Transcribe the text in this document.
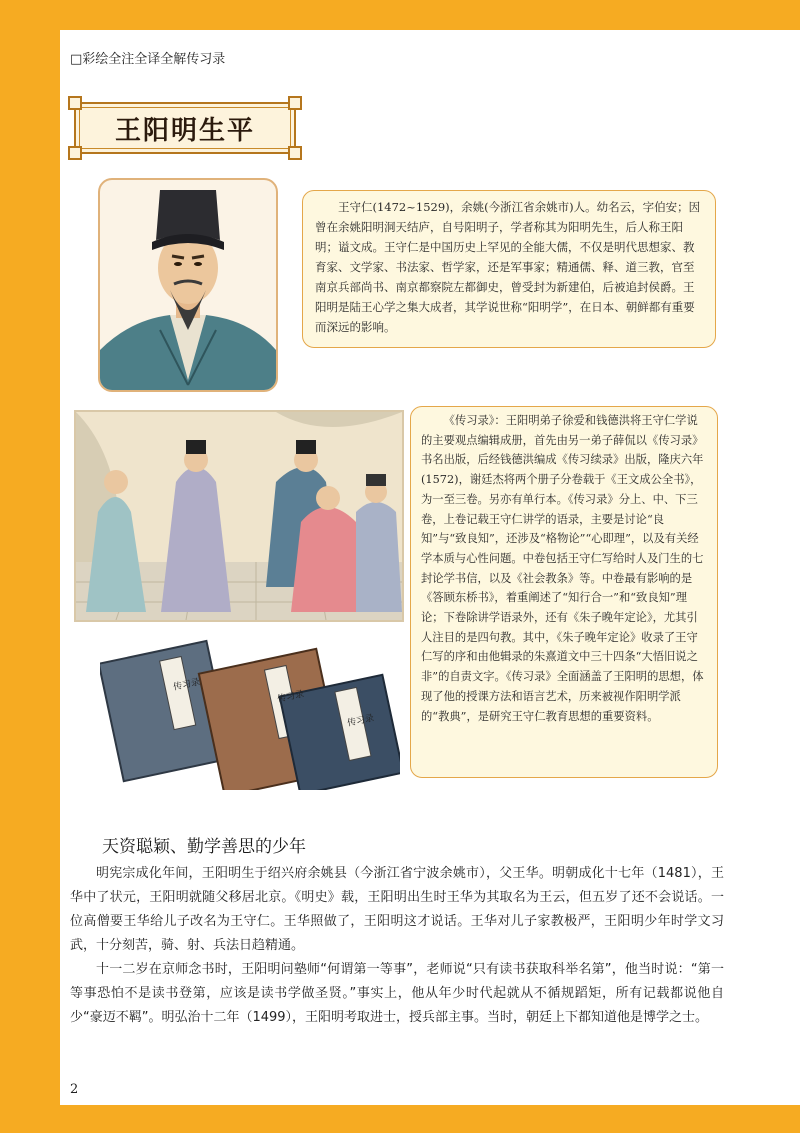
□彩绘全注全译全解传习录
王阳明生平

王守仁(1472~1529)，余姚(今浙江省余姚市)人。幼名云，字伯安；因曾在余姚阳明洞天结庐，自号阳明子，学者称其为阳明先生，后人称王阳明；谥文成。王守仁是中国历史上罕见的全能大儒，不仅是明代思想家、教育家、文学家、书法家、哲学家，还是军事家；精通儒、释、道三教，官至南京兵部尚书、南京都察院左都御史，曾受封为新建伯，后被追封侯爵。王阳明是陆王心学之集大成者，其学说世称“阳明学”，在日本、朝鲜都有重要而深远的影响。

传习录
传习录
传习录

《传习录》：王阳明弟子徐爱和钱德洪将王守仁学说的主要观点编辑成册，首先由另一弟子薛侃以《传习录》书名出版，后经钱德洪编成《传习续录》出版，隆庆六年(1572)，谢廷杰将两个册子分卷载于《王文成公全书》，为一至三卷。另亦有单行本。《传习录》分上、中、下三卷，上卷记载王守仁讲学的语录，主要是讨论“良知”与“致良知”，还涉及“格物论”“心即理”，以及有关经学本质与心性问题。中卷包括王守仁写给时人及门生的七封论学书信，以及《社会教条》等。中卷最有影响的是《答顾东桥书》，着重阐述了“知行合一”和“致良知”理论；下卷除讲学语录外，还有《朱子晚年定论》，尤其引人注目的是四句教。其中，《朱子晚年定论》收录了王守仁写的序和由他辑录的朱熹道文中三十四条“大悟旧说之非”的自责文字。《传习录》全面涵盖了王阳明的思想，体现了他的授课方法和语言艺术，历来被视作阳明学派的“教典”，是研究王守仁教育思想的重要资料。

天资聪颖、勤学善思的少年

明宪宗成化年间，王阳明生于绍兴府余姚县（今浙江省宁波余姚市），父王华。明朝成化十七年（1481），王华中了状元，王阳明就随父移居北京。《明史》载，王阳明出生时王华为其取名为王云，但五岁了还不会说话。一位高僧要王华给儿子改名为王守仁。王华照做了，王阳明这才说话。王华对儿子家教极严，王阳明少年时学文习武，十分刻苦，骑、射、兵法日趋精通。

十一二岁在京师念书时，王阳明问塾师“何谓第一等事”，老师说“只有读书获取科举名第”，他当时说：“第一等事恐怕不是读书登第，应该是读书学做圣贤。”事实上，他从年少时代起就从不循规蹈矩，所有记载都说他自少“豪迈不羁”。明弘治十二年（1499），王阳明考取进士，授兵部主事。当时，朝廷上下都知道他是博学之士。

2
